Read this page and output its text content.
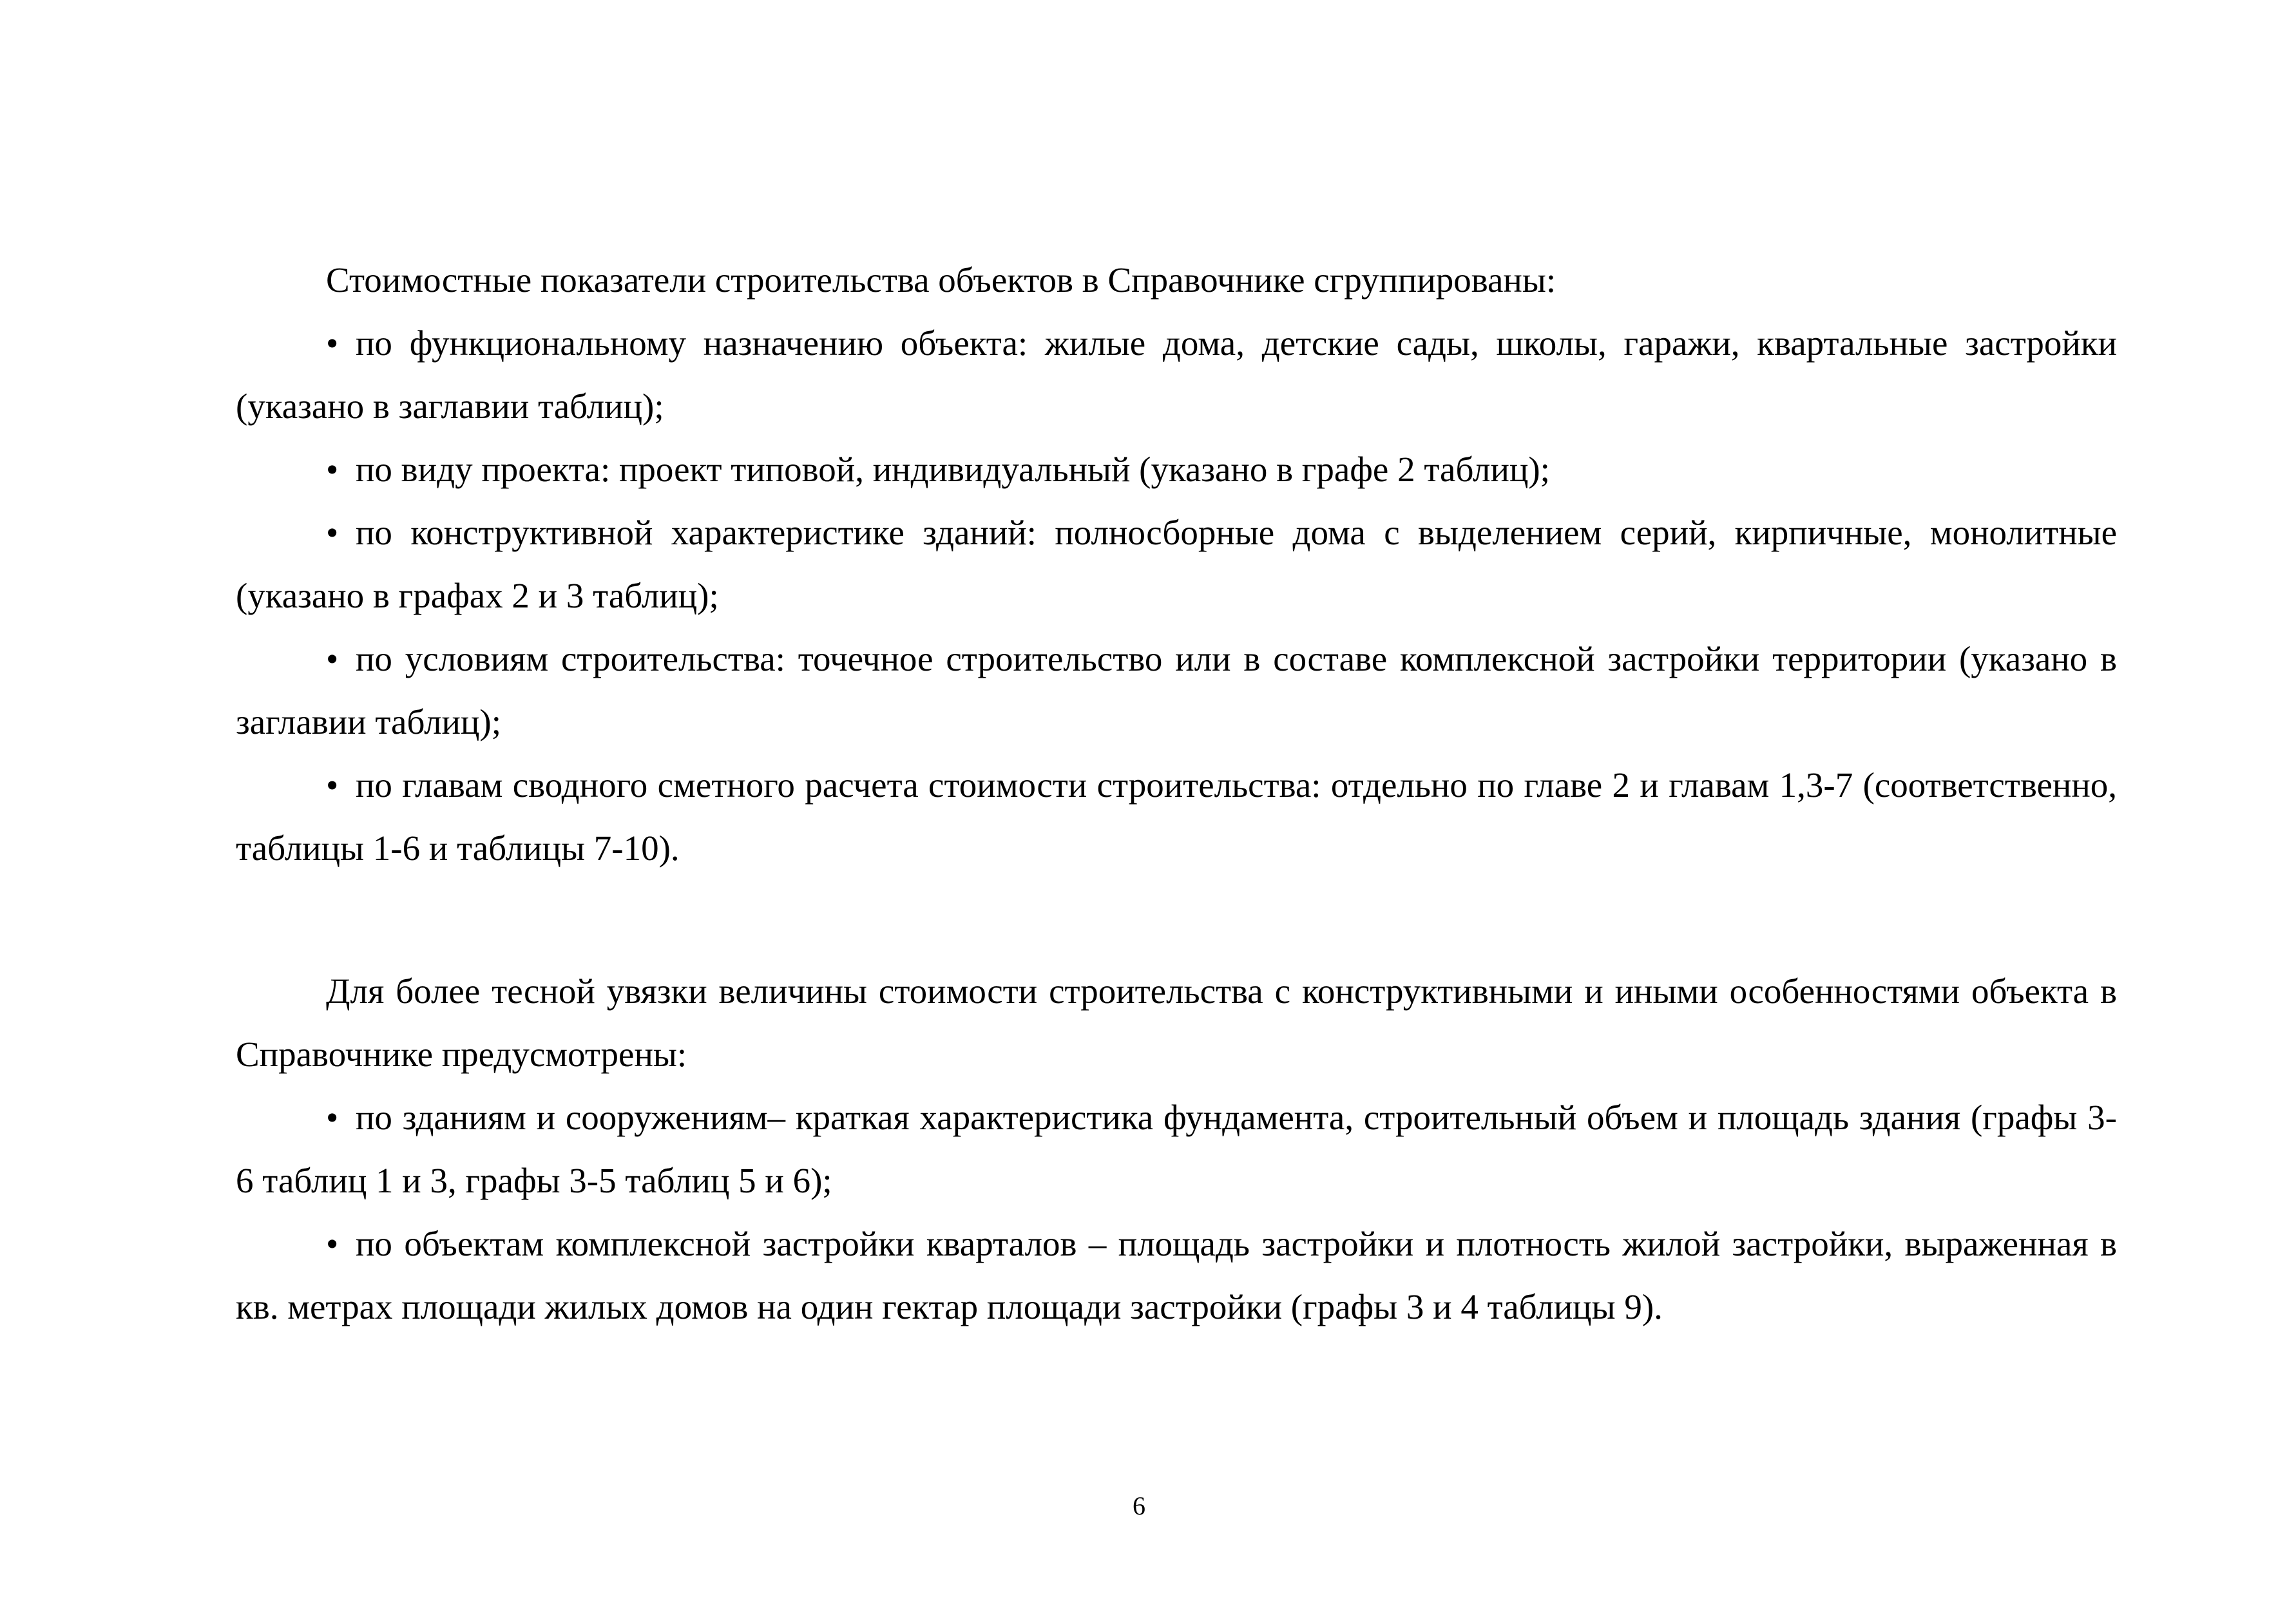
Стоимостные показатели строительства объектов в Справочнике сгруппированы:

• по функциональному назначению объекта: жилые дома, детские сады, школы, гаражи, квартальные застройки (указано в заглавии таблиц);

• по виду проекта: проект типовой, индивидуальный (указано в графе 2 таблиц);

• по конструктивной характеристике зданий: полносборные дома с выделением серий, кирпичные, монолитные (указано в графах 2 и 3 таблиц);

• по условиям строительства: точечное строительство или в составе комплексной застройки территории (указано в заглавии таблиц);

• по главам сводного сметного расчета стоимости строительства: отдельно по главе 2 и главам 1,3-7 (соответственно, таблицы 1-6 и таблицы 7-10).

Для более тесной увязки величины стоимости строительства с конструктивными и иными особенностями объекта в Справочнике предусмотрены:

• по зданиям и сооружениям– краткая характеристика фундамента, строительный объем и площадь здания (графы 3-6 таблиц 1 и 3, графы 3-5 таблиц 5 и 6);

• по объектам комплексной застройки кварталов – площадь застройки и плотность жилой застройки, выраженная в кв. метрах площади жилых домов на один гектар площади застройки (графы 3 и 4 таблицы 9).

6
